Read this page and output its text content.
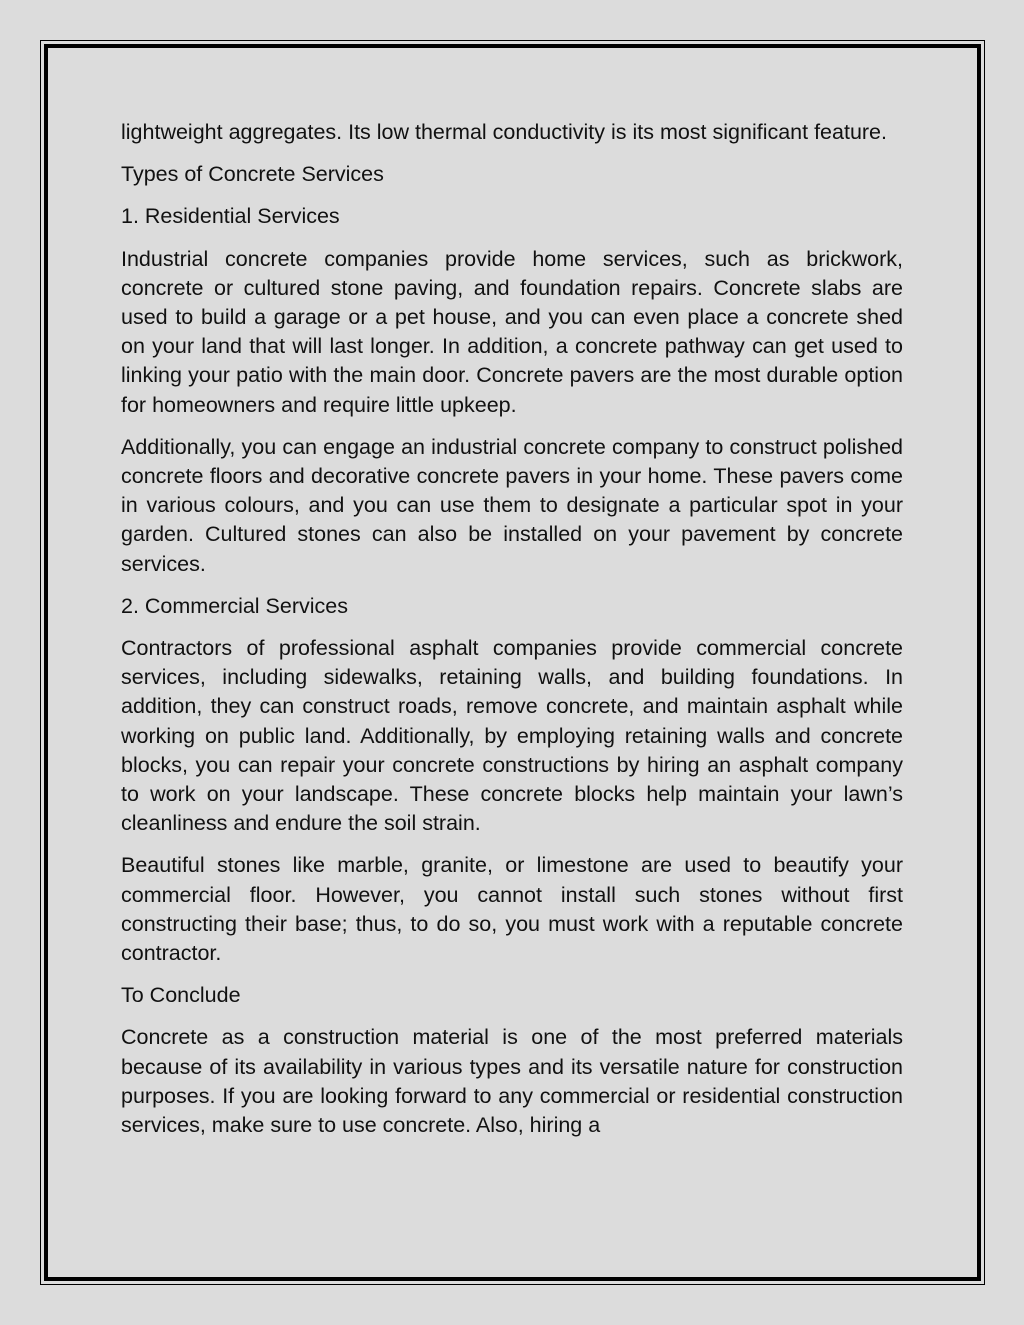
lightweight aggregates. Its low thermal conductivity is its most significant feature.

Types of Concrete Services

1. Residential Services

Industrial concrete companies provide home services, such as brickwork, concrete or cultured stone paving, and foundation repairs. Concrete slabs are used to build a garage or a pet house, and you can even place a concrete shed on your land that will last longer. In addition, a concrete pathway can get used to linking your patio with the main door. Concrete pavers are the most durable option for homeowners and require little upkeep.

Additionally, you can engage an industrial concrete company to construct polished concrete floors and decorative concrete pavers in your home. These pavers come in various colours, and you can use them to designate a particular spot in your garden. Cultured stones can also be installed on your pavement by concrete services.

2. Commercial Services

Contractors of professional asphalt companies provide commercial concrete services, including sidewalks, retaining walls, and building foundations. In addition, they can construct roads, remove concrete, and maintain asphalt while working on public land. Additionally, by employing retaining walls and concrete blocks, you can repair your concrete constructions by hiring an asphalt company to work on your landscape. These concrete blocks help maintain your lawn’s cleanliness and endure the soil strain.

Beautiful stones like marble, granite, or limestone are used to beautify your commercial floor. However, you cannot install such stones without first constructing their base; thus, to do so, you must work with a reputable concrete contractor.

To Conclude

Concrete as a construction material is one of the most preferred materials because of its availability in various types and its versatile nature for construction purposes. If you are looking forward to any commercial or residential construction services, make sure to use concrete. Also, hiring a
